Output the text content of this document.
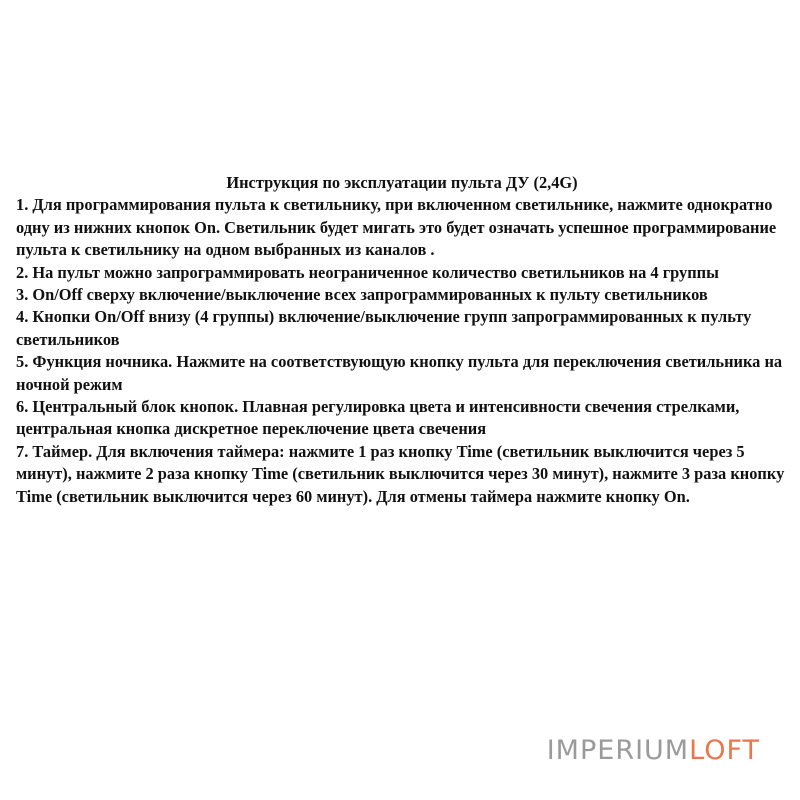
Инструкция по эксплуатации пульта ДУ (2,4G)

1. Для программирования пульта к светильнику, при включенном светильнике, нажмите однократно одну из нижних кнопок On. Светильник будет мигать это будет означать успешное программирование пульта к светильнику на одном выбранных из каналов .

2. На пульт можно запрограммировать неограниченное количество светильников на 4 группы

3. On/Off сверху включение/выключение всех запрограммированных к пульту светильников

4. Кнопки On/Off внизу (4 группы) включение/выключение групп запрограммированных к пульту светильников

5. Функция ночника. Нажмите на соответствующую кнопку пульта для переключения светильника на ночной режим

6. Центральный блок кнопок. Плавная регулировка цвета и интенсивности свечения стрелками, центральная кнопка дискретное переключение цвета свечения

7. Таймер. Для включения таймера: нажмите 1 раз кнопку Time (светильник выключится через 5 минут), нажмите 2 раза кнопку Time (светильник выключится через 30 минут), нажмите 3 раза кнопку Time (светильник выключится через 60 минут). Для отмены таймера нажмите кнопку On.

IMPERIUMLOFT
